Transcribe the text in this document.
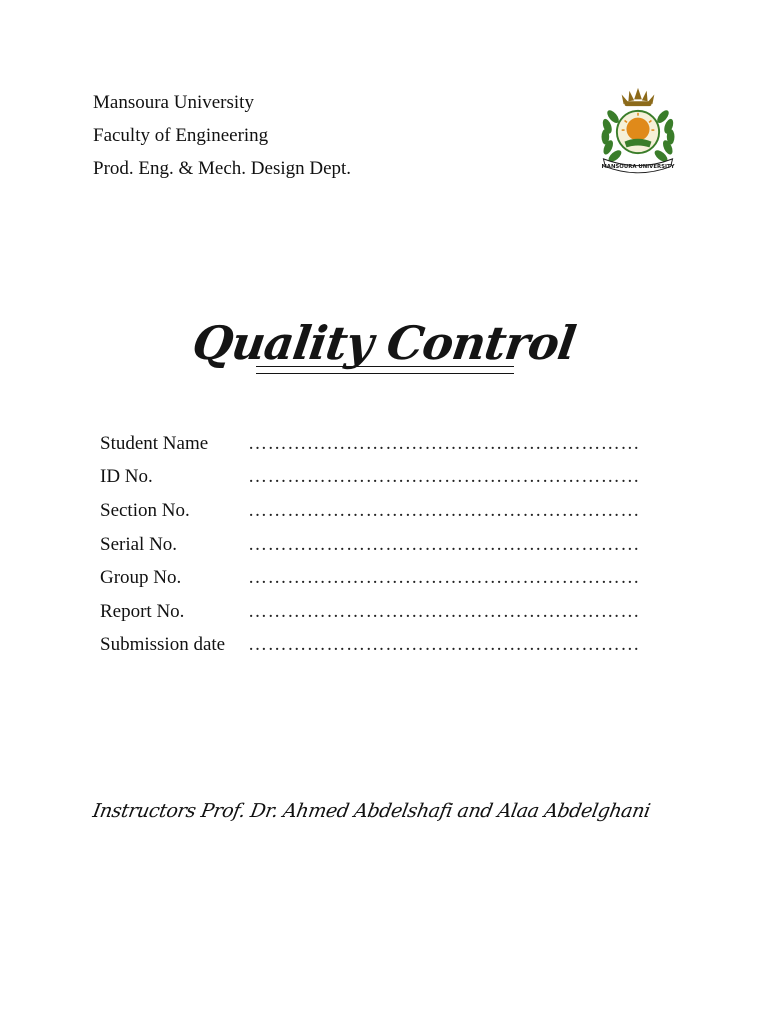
Mansoura University
Faculty of Engineering
Prod. Eng. & Mech. Design Dept.	MANSOURA UNIVERSITY
Quality Control
Student Name	……………………………………………………
ID No.	……………………………………………………
Section No.	……………………………………………………
Serial No.	……………………………………………………
Group No.	……………………………………………………
Report No.	……………………………………………………
Submission date	……………………………………………………
Instructors Prof. Dr. Ahmed Abdelshafi and Alaa Abdelghani
